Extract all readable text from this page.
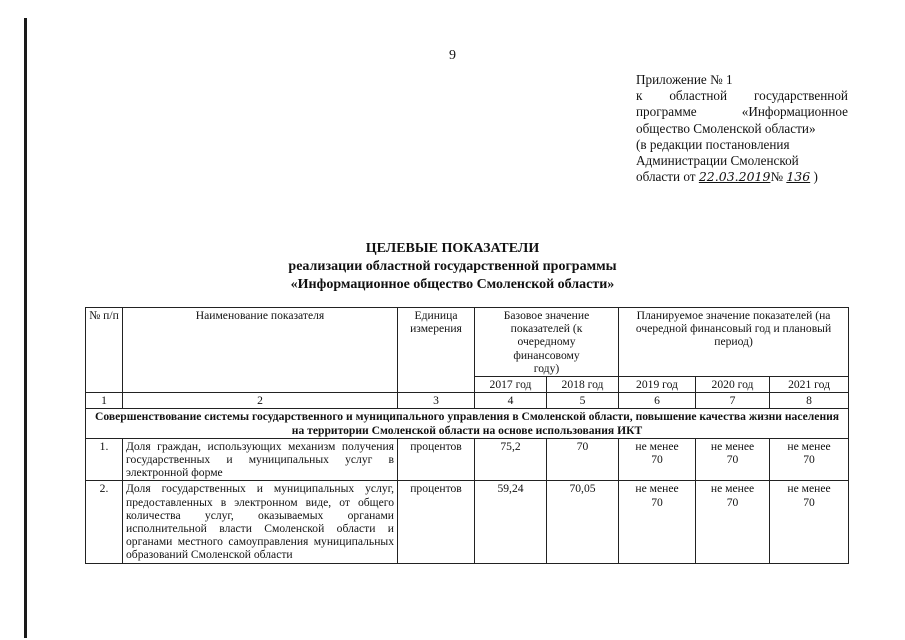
9
Приложение № 1
к областной государственной
программе «Информационное
общество Смоленской области»
(в редакции постановления
Администрации Смоленской
области от 22.03.2019№ 136 )
ЦЕЛЕВЫЕ ПОКАЗАТЕЛИ
реализации областной государственной программы
«Информационное общество Смоленской области»
№ п/п	Наименование показателя	Единица измерения	Базовое значение показателей (к очередному финансовому году)		Планируемое значение показателей (на очередной финансовый год и плановый период)		

			2017 год	2018 год	2019 год	2020 год	2021 год
1	2	3	4	5	6	7	8
Совершенствование системы государственного и муниципального управления в Смоленской области, повышение качества жизни населения на территории Смоленской области на основе использования ИКТ							
1.	Доля граждан, использующих механизм получения государственных и муниципальных услуг в электронной форме	процентов	75,2	70	не менее 70	не менее 70	не менее 70

2.	Доля государственных и муниципальных услуг, предоставленных в электронном виде, от общего количества услуг, оказываемых органами исполнительной власти Смоленской области и органами местного самоуправления муниципальных образований Смоленской области	процентов	59,24	70,05	не менее 70	не менее 70	не менее 70
